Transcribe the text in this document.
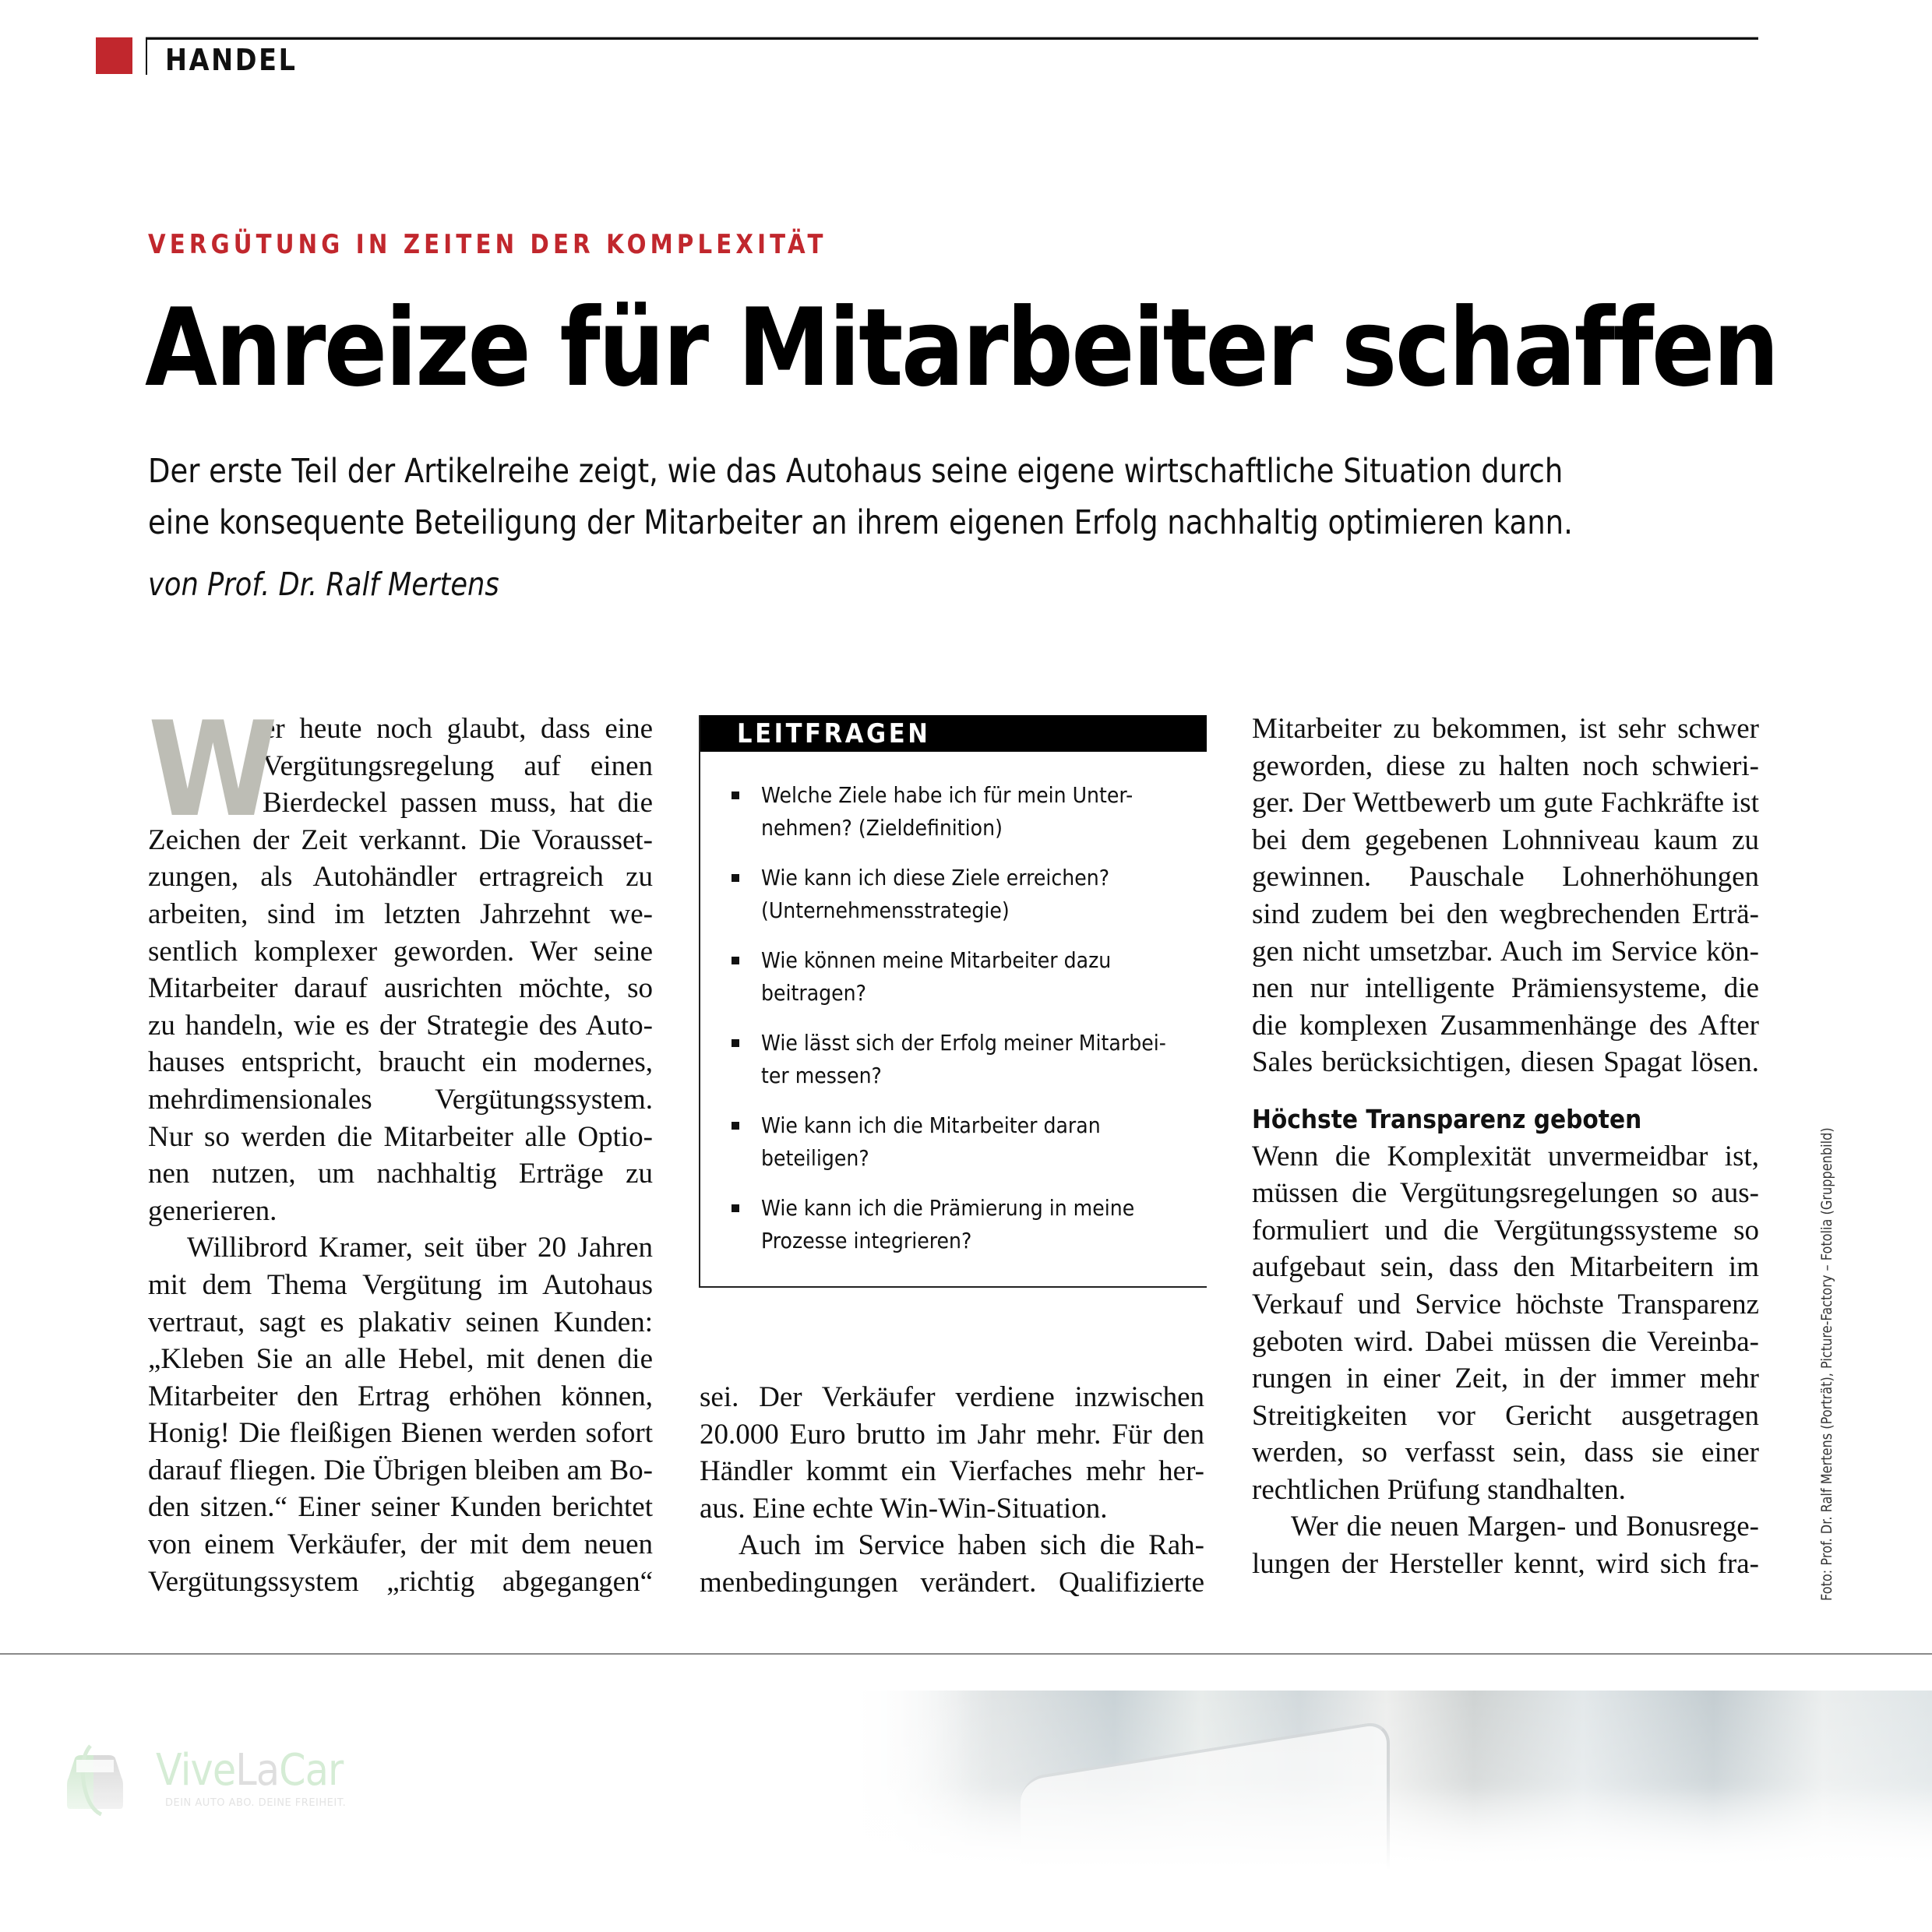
HANDEL
VERGÜTUNG IN ZEITEN DER KOMPLEXITÄT
Anreize für Mitarbeiter schaffen
Der erste Teil der Artikelreihe zeigt, wie das Autohaus seine eigene wirtschaftliche Situation durch
eine konsequente Beteiligung der Mitarbeiter an ihrem eigenen Erfolg nachhaltig optimieren kann.
von Prof. Dr. Ralf Mertens
W
er heute noch glaubt, dass eine
Vergütungsregelung auf einen
Bierdeckel passen muss, hat die
Zeichen der Zeit verkannt. Die Vorausset-
zungen, als Autohändler ertragreich zu
arbeiten, sind im letzten Jahrzehnt we-
sentlich komplexer geworden. Wer seine
Mitarbeiter darauf ausrichten möchte, so
zu handeln, wie es der Strategie des Auto-
hauses entspricht, braucht ein modernes,
mehrdimensionales Vergütungssystem.
Nur so werden die Mitarbeiter alle Optio-
nen nutzen, um nachhaltig Erträge zu
generieren.
Willibrord Kramer, seit über 20 Jahren
mit dem Thema Vergütung im Autohaus
vertraut, sagt es plakativ seinen Kunden:
„Kleben Sie an alle Hebel, mit denen die
Mitarbeiter den Ertrag erhöhen können,
Honig! Die fleißigen Bienen werden sofort
darauf fliegen. Die Übrigen bleiben am Bo-
den sitzen.“ Einer seiner Kunden berichtet
von einem Verkäufer, der mit dem neuen
Vergütungssystem „richtig abgegangen“
LEITFRAGEN
Welche Ziele habe ich für mein Unter-
nehmen? (Zieldefinition)
Wie kann ich diese Ziele erreichen?
(Unternehmensstrategie)
Wie können meine Mitarbeiter dazu
beitragen?
Wie lässt sich der Erfolg meiner Mitarbei-
ter messen?
Wie kann ich die Mitarbeiter daran
beteiligen?
Wie kann ich die Prämierung in meine
Prozesse integrieren?
sei. Der Verkäufer verdiene inzwischen
20.000 Euro brutto im Jahr mehr. Für den
Händler kommt ein Vierfaches mehr her-
aus. Eine echte Win-Win-Situation.
Auch im Service haben sich die Rah-
menbedingungen verändert. Qualifizierte
Mitarbeiter zu bekommen, ist sehr schwer
geworden, diese zu halten noch schwieri-
ger. Der Wettbewerb um gute Fachkräfte ist
bei dem gegebenen Lohnniveau kaum zu
gewinnen. Pauschale Lohnerhöhungen
sind zudem bei den wegbrechenden Erträ-
gen nicht umsetzbar. Auch im Service kön-
nen nur intelligente Prämiensysteme, die
die komplexen Zusammenhänge des After
Sales berücksichtigen, diesen Spagat lösen.
Höchste Transparenz geboten
Wenn die Komplexität unvermeidbar ist,
müssen die Vergütungsregelungen so aus-
formuliert und die Vergütungssysteme so
aufgebaut sein, dass den Mitarbeitern im
Verkauf und Service höchste Transparenz
geboten wird. Dabei müssen die Vereinba-
rungen in einer Zeit, in der immer mehr
Streitigkeiten vor Gericht ausgetragen
werden, so verfasst sein, dass sie einer
rechtlichen Prüfung standhalten.
Wer die neuen Margen- und Bonusrege-
lungen der Hersteller kennt, wird sich fra-	Foto: Prof. Dr. Ralf Mertens (Porträt), Picture-Factory – Fotolia (Gruppenbild)
ViveLaCar
DEIN AUTO ABO. DEINE FREIHEIT.
